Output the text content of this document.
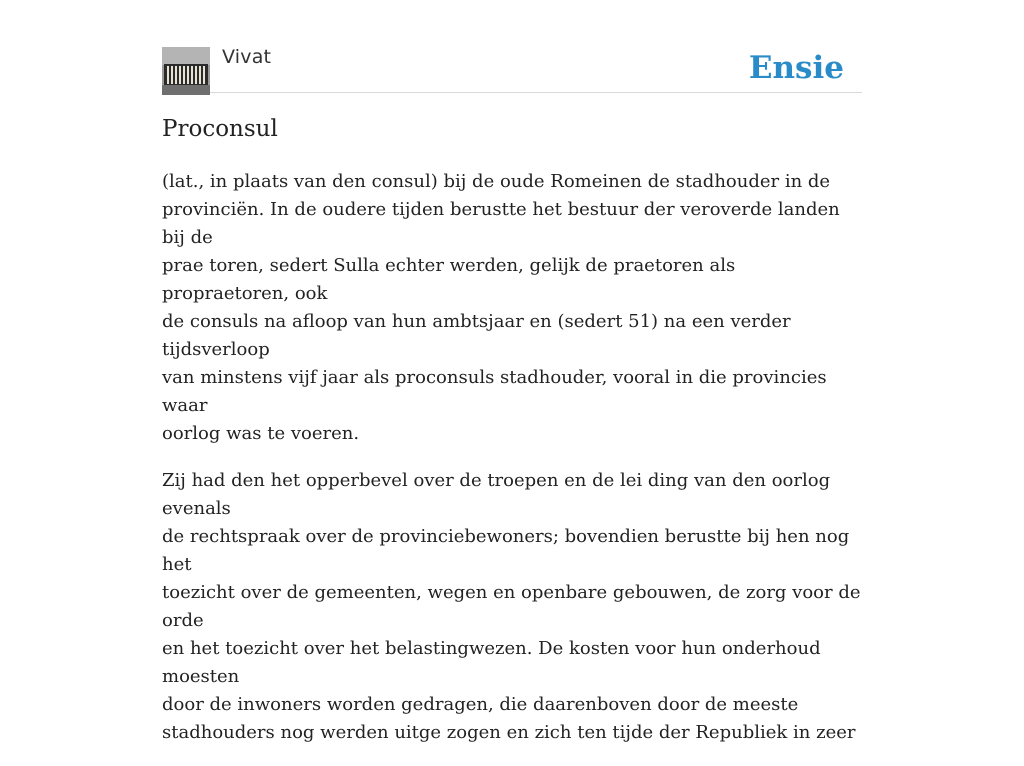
Vivat	Ensie
Proconsul

(lat., in plaats van den consul) bij de oude Romeinen de stadhouder in de
provinciën. In de oudere tijden berustte het bestuur der veroverde landen bij de
prae toren, sedert Sulla echter werden, gelijk de praetoren als propraetoren, ook
de consuls na afloop van hun ambtsjaar en (sedert 51) na een verder tijdsverloop
van minstens vijf jaar als proconsuls stadhouder, vooral in die provincies waar
oorlog was te voeren.

Zij had den het opperbevel over de troepen en de lei ding van den oorlog evenals
de rechtspraak over de provinciebewoners; bovendien berustte bij hen nog het
toezicht over de gemeenten, wegen en openbare gebouwen, de zorg voor de orde
en het toezicht over het belastingwezen. De kosten voor hun onderhoud moesten
door de inwoners worden gedragen, die daarenboven door de meeste
stadhouders nog werden uitge zogen en zich ten tijde der Republiek in zeer
